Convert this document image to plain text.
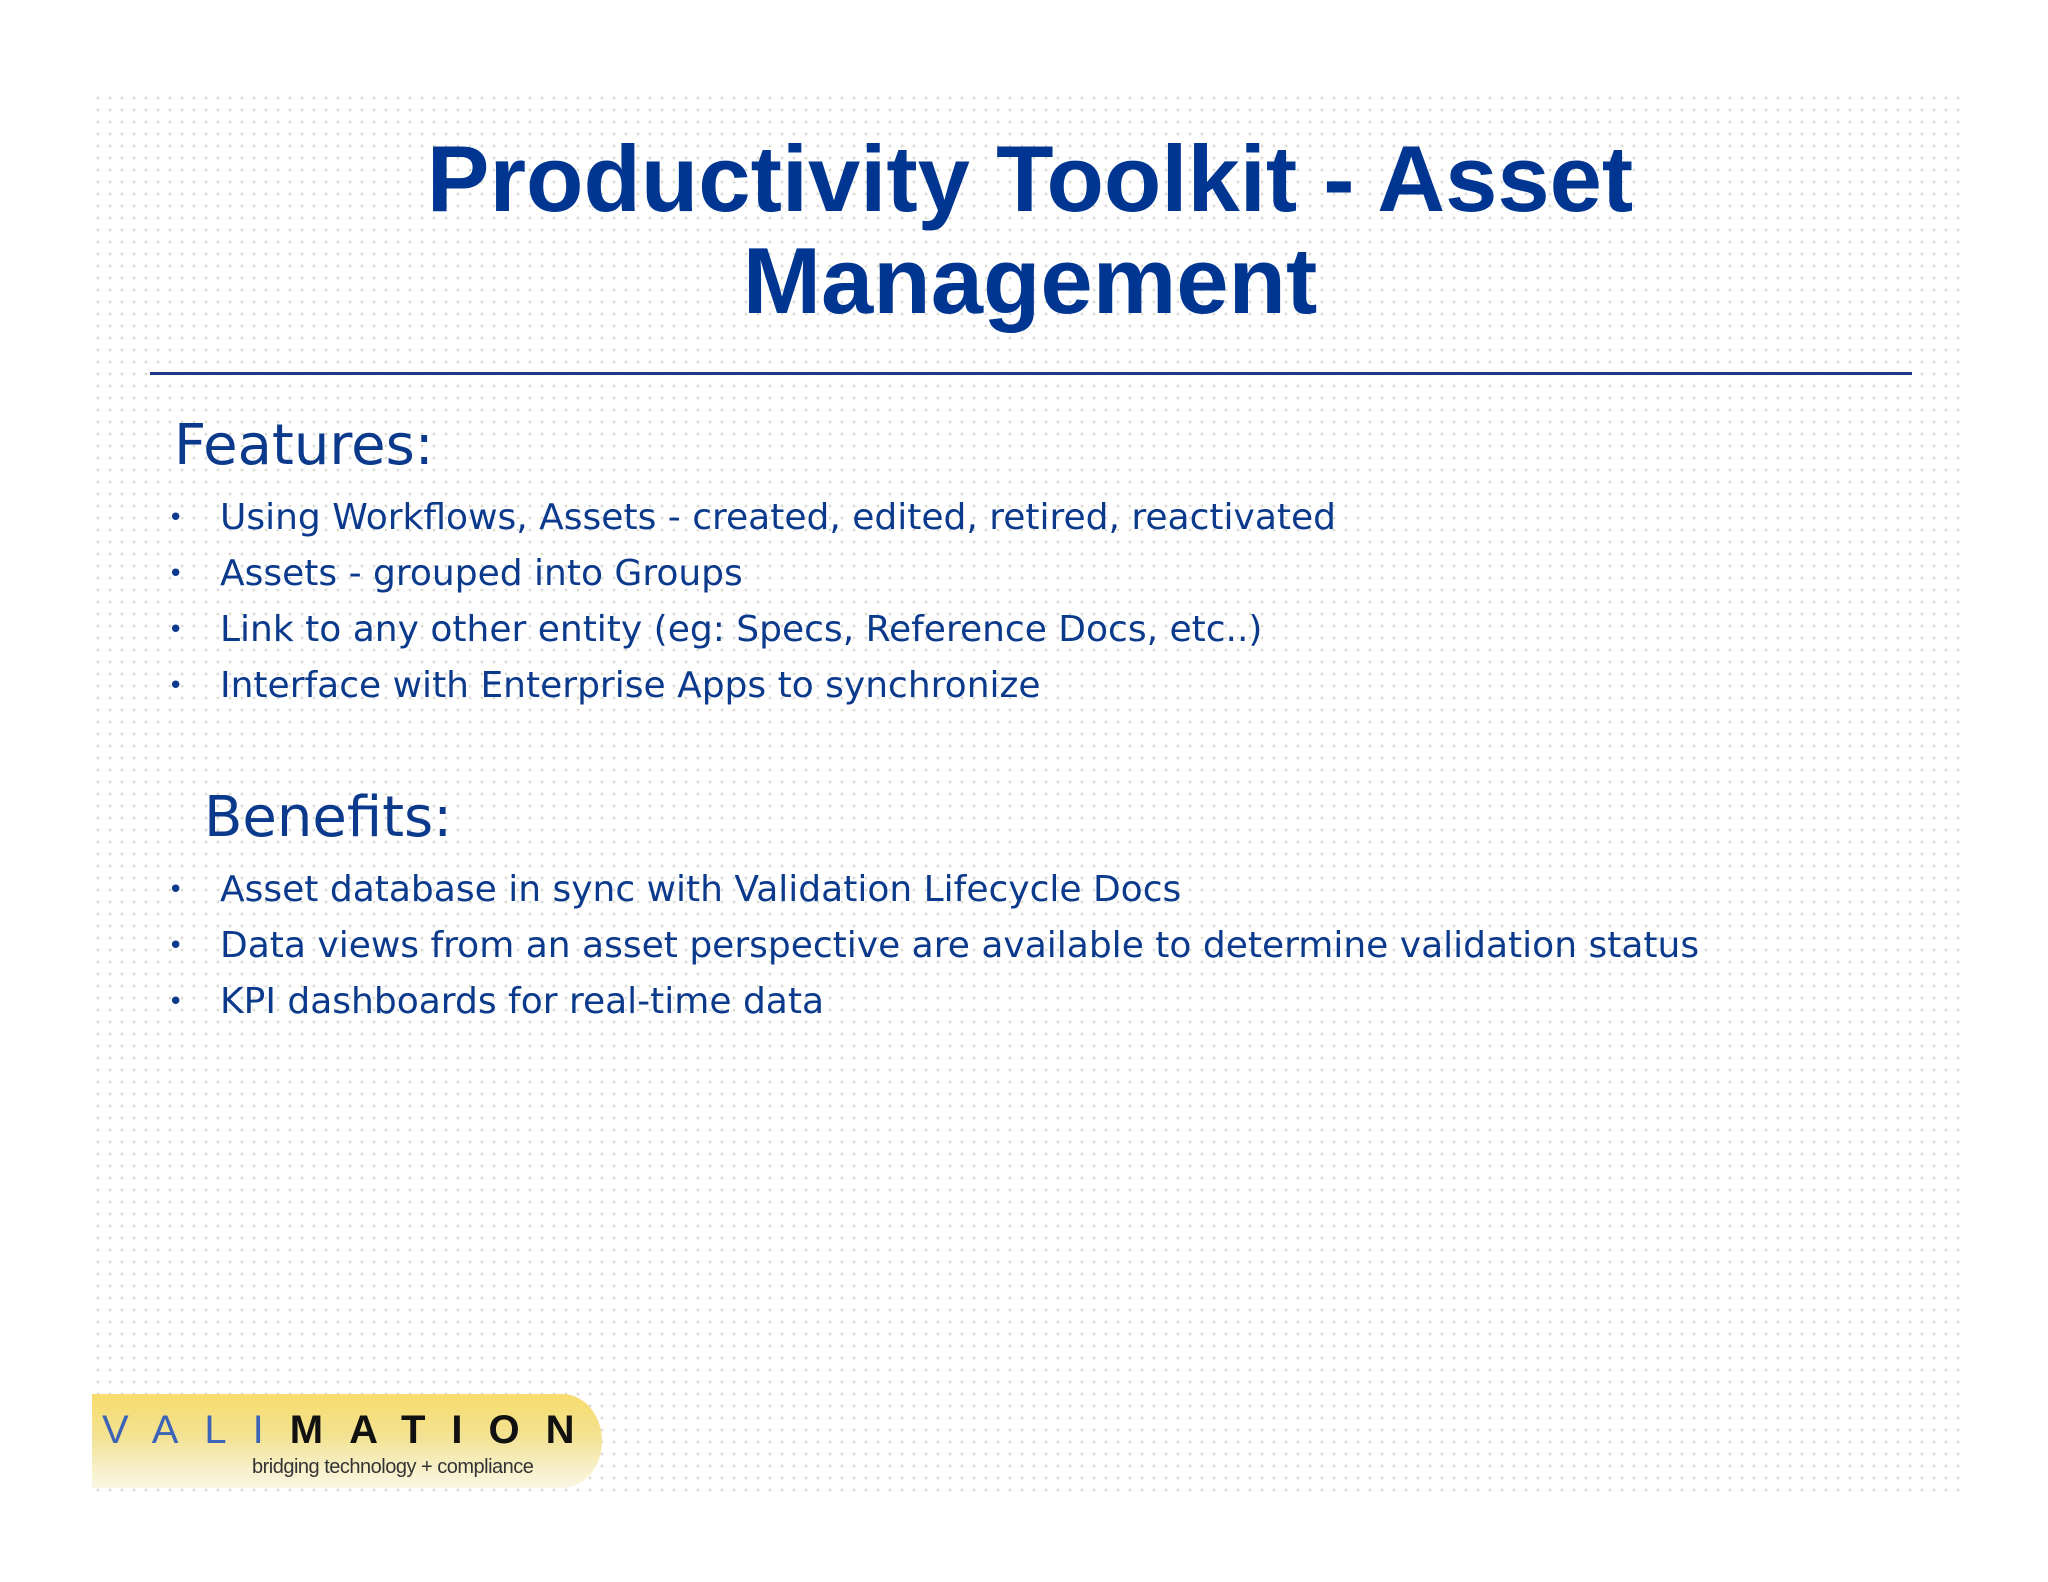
Productivity Toolkit - Asset
Management
Features:
• Using Workflows, Assets - created, edited, retired, reactivated
• Assets - grouped into Groups
• Link to any other entity (eg: Specs, Reference Docs, etc..)
• Interface with Enterprise Apps to synchronize
Benefits:
• Asset database in sync with Validation Lifecycle Docs
• Data views from an asset perspective are available to determine validation status
• KPI dashboards for real-time data
VALIMATION
bridging technology + compliance
